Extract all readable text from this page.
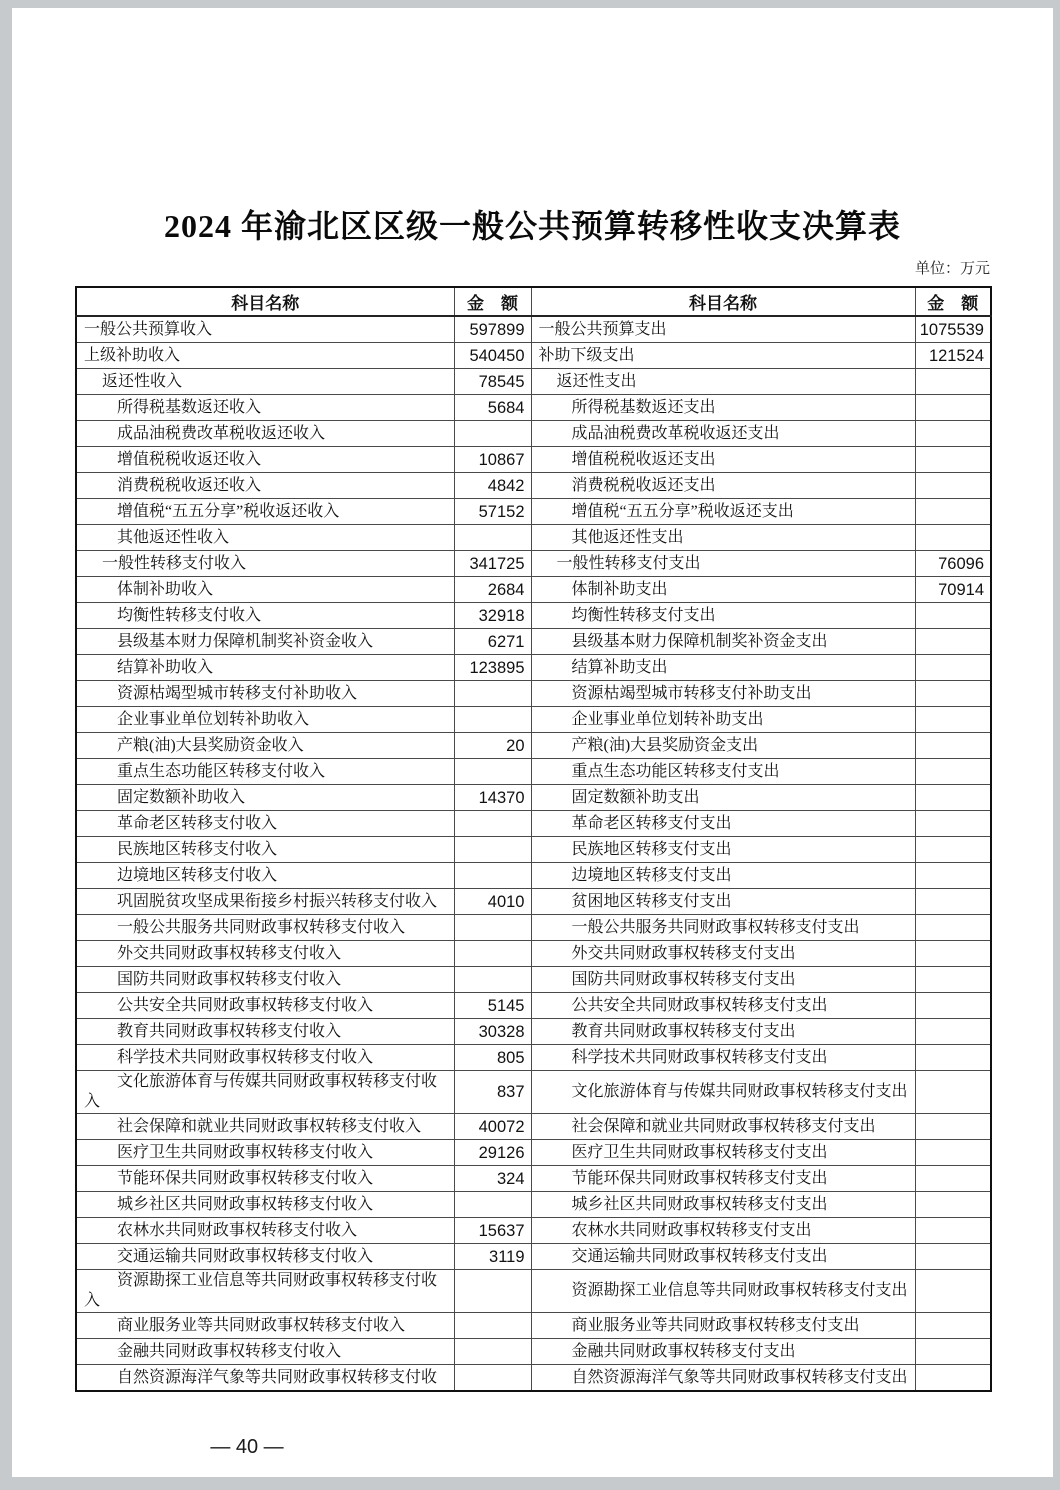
2024 年渝北区区级一般公共预算转移性收支决算表
单位：万元
科目名称	金　额	科目名称	金　额
一般公共预算收入	597899	一般公共预算支出	1075539
上级补助收入	540450	补助下级支出	121524
返还性收入	78545	返还性支出	
所得税基数返还收入	5684	所得税基数返还支出	
成品油税费改革税收返还收入		成品油税费改革税收返还支出	
增值税税收返还收入	10867	增值税税收返还支出	
消费税税收返还收入	4842	消费税税收返还支出	
增值税“五五分享”税收返还收入	57152	增值税“五五分享”税收返还支出	
其他返还性收入		其他返还性支出	
一般性转移支付收入	341725	一般性转移支付支出	76096
体制补助收入	2684	体制补助支出	70914
均衡性转移支付收入	32918	均衡性转移支付支出	
县级基本财力保障机制奖补资金收入	6271	县级基本财力保障机制奖补资金支出	
结算补助收入	123895	结算补助支出	
资源枯竭型城市转移支付补助收入		资源枯竭型城市转移支付补助支出	
企业事业单位划转补助收入		企业事业单位划转补助支出	
产粮(油)大县奖励资金收入	20	产粮(油)大县奖励资金支出	
重点生态功能区转移支付收入		重点生态功能区转移支付支出	
固定数额补助收入	14370	固定数额补助支出	
革命老区转移支付收入		革命老区转移支付支出	
民族地区转移支付收入		民族地区转移支付支出	
边境地区转移支付收入		边境地区转移支付支出	
巩固脱贫攻坚成果衔接乡村振兴转移支付收入	4010	贫困地区转移支付支出	
一般公共服务共同财政事权转移支付收入		一般公共服务共同财政事权转移支付支出	
外交共同财政事权转移支付收入		外交共同财政事权转移支付支出	
国防共同财政事权转移支付收入		国防共同财政事权转移支付支出	
公共安全共同财政事权转移支付收入	5145	公共安全共同财政事权转移支付支出	
教育共同财政事权转移支付收入	30328	教育共同财政事权转移支付支出	
科学技术共同财政事权转移支付收入	805	科学技术共同财政事权转移支付支出	
文化旅游体育与传媒共同财政事权转移支付收入	837	文化旅游体育与传媒共同财政事权转移支付支出	
社会保障和就业共同财政事权转移支付收入	40072	社会保障和就业共同财政事权转移支付支出	
医疗卫生共同财政事权转移支付收入	29126	医疗卫生共同财政事权转移支付支出	
节能环保共同财政事权转移支付收入	324	节能环保共同财政事权转移支付支出	
城乡社区共同财政事权转移支付收入		城乡社区共同财政事权转移支付支出	
农林水共同财政事权转移支付收入	15637	农林水共同财政事权转移支付支出	
交通运输共同财政事权转移支付收入	3119	交通运输共同财政事权转移支付支出	
资源勘探工业信息等共同财政事权转移支付收入		资源勘探工业信息等共同财政事权转移支付支出	
商业服务业等共同财政事权转移支付收入		商业服务业等共同财政事权转移支付支出	
金融共同财政事权转移支付收入		金融共同财政事权转移支付支出	
自然资源海洋气象等共同财政事权转移支付收		自然资源海洋气象等共同财政事权转移支付支出	
— 40 —
